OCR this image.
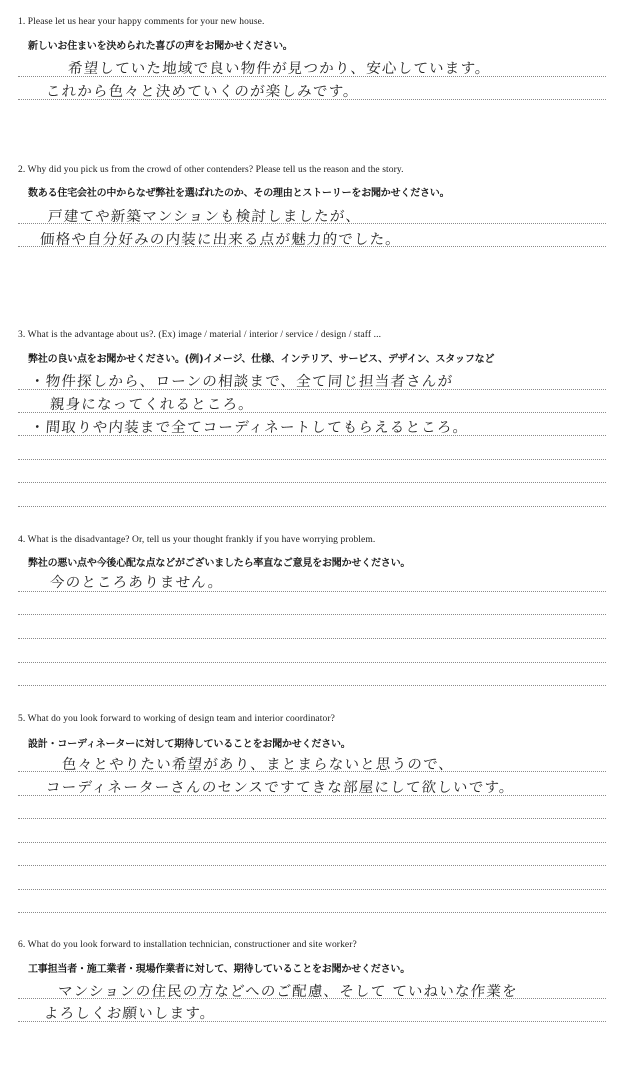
1. Please let us hear your happy comments for your new house.
新しいお住まいを決められた喜びの声をお聞かせください。
希望していた地域で良い物件が見つかり、安心しています。
これから色々と決めていくのが楽しみです。
2. Why did you pick us from the crowd of other contenders? Please tell us the reason and the story.
数ある住宅会社の中からなぜ弊社を選ばれたのか、その理由とストーリーをお聞かせください。
戸建てや新築マンションも検討しましたが、
価格や自分好みの内装に出来る点が魅力的でした。
3. What is the advantage about us?. (Ex) image / material / interior / service / design / staff ...
弊社の良い点をお聞かせください。(例)イメージ、仕様、インテリア、サービス、デザイン、スタッフなど
・物件探しから、ローンの相談まで、全て同じ担当者さんが
親身になってくれるところ。
・間取りや内装まで全てコーディネートしてもらえるところ。
4. What is the disadvantage? Or, tell us your thought frankly if you have worrying problem.
弊社の悪い点や今後心配な点などがございましたら率直なご意見をお聞かせください。
今のところありません。
5. What do you look forward to working of design team and interior coordinator?
設計・コーディネーターに対して期待していることをお聞かせください。
色々とやりたい希望があり、まとまらないと思うので、
コーディネーターさんのセンスですてきな部屋にして欲しいです。
6. What do you look forward to installation technician, constructioner and site worker?
工事担当者・施工業者・現場作業者に対して、期待していることをお聞かせください。
マンションの住民の方などへのご配慮、そして ていねいな作業を
よろしくお願いします。
